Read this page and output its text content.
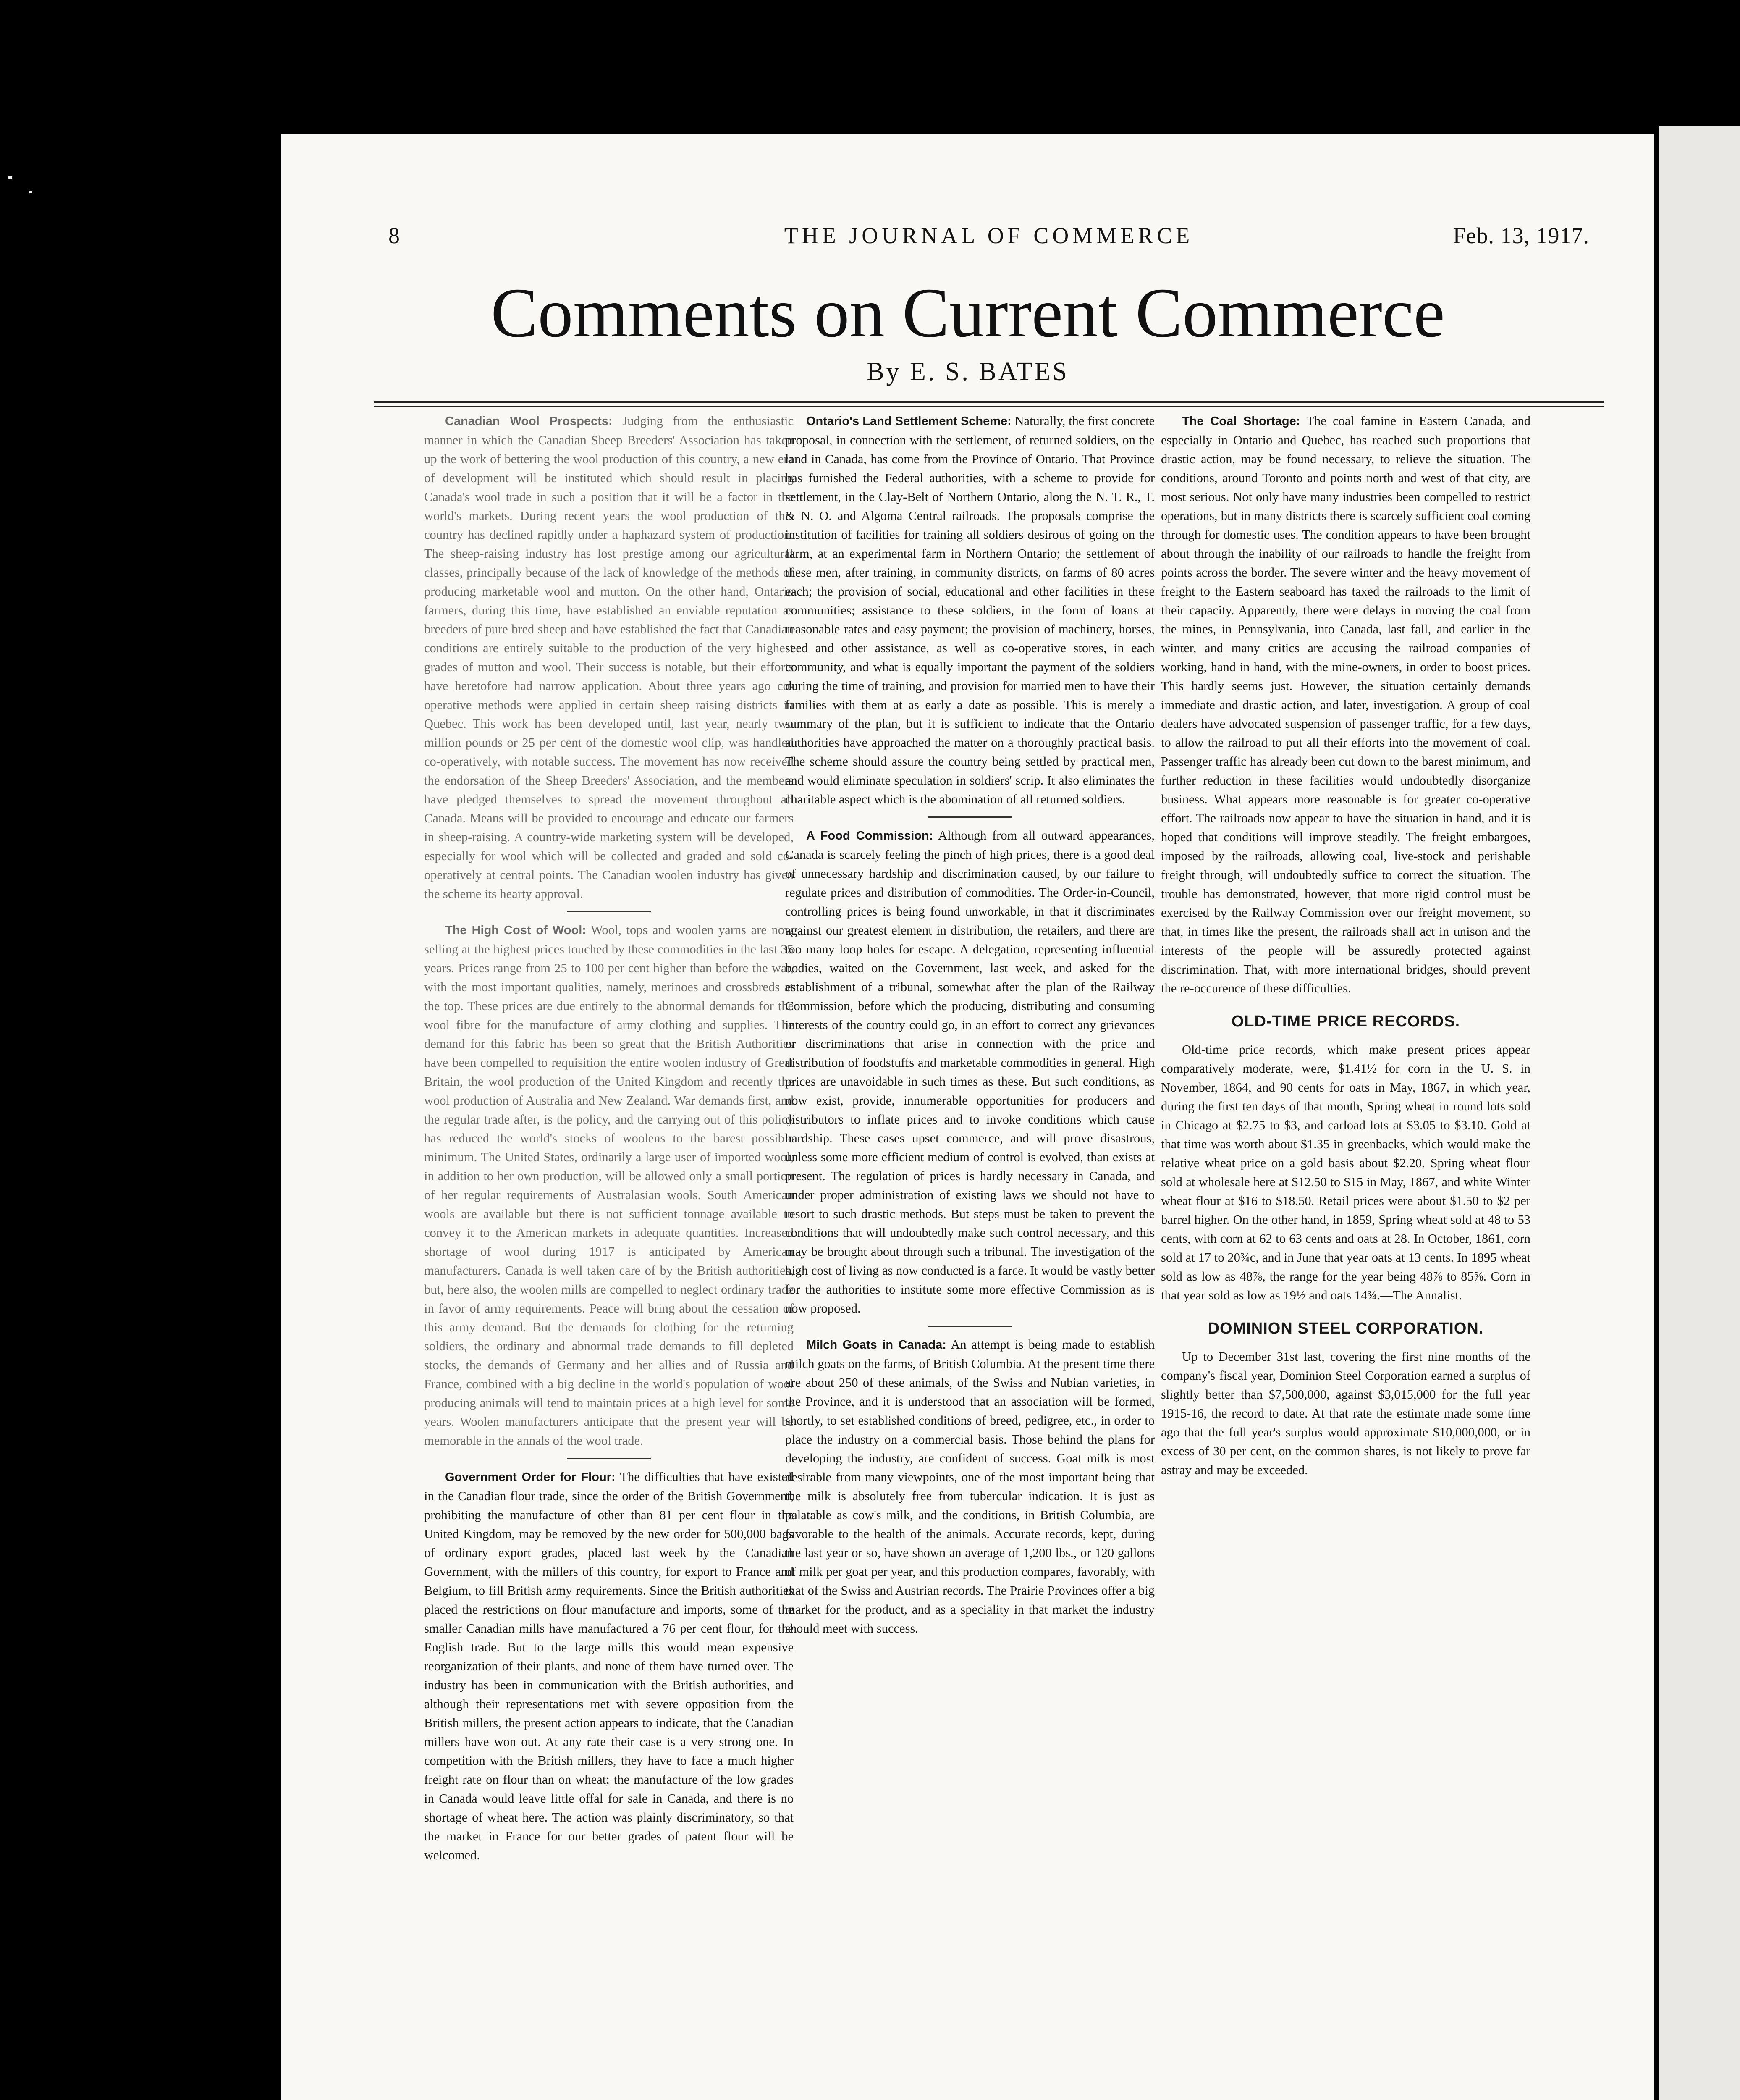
8	THE JOURNAL OF COMMERCE	Feb. 13, 1917.
Comments on Current Commerce
By E. S. BATES

Canadian Wool Prospects: Judging from the enthusiastic manner in which the Canadian Sheep Breeders' Association has taken up the work of bettering the wool production of this country, a new era of development will be instituted which should result in placing Canada's wool trade in such a position that it will be a factor in the world's markets. During recent years the wool production of this country has declined rapidly under a haphazard system of production. The sheep-raising industry has lost prestige among our agricultural classes, principally because of the lack of knowledge of the methods of producing marketable wool and mutton. On the other hand, Ontario farmers, during this time, have established an enviable reputation as breeders of pure bred sheep and have established the fact that Canadian conditions are entirely suitable to the production of the very highest grades of mutton and wool. Their success is notable, but their efforts have heretofore had narrow application. About three years ago co-operative methods were applied in certain sheep raising districts in Quebec. This work has been developed until, last year, nearly two million pounds or 25 per cent of the domestic wool clip, was handled co-operatively, with notable success. The movement has now received the endorsation of the Sheep Breeders' Association, and the members have pledged themselves to spread the movement throughout all Canada. Means will be provided to encourage and educate our farmers in sheep-raising. A country-wide marketing system will be developed, especially for wool which will be collected and graded and sold co-operatively at central points. The Canadian woolen industry has given the scheme its hearty approval.

The High Cost of Wool: Wool, tops and woolen yarns are now selling at the highest prices touched by these commodities in the last 35 years. Prices range from 25 to 100 per cent higher than before the war, with the most important qualities, namely, merinoes and crossbreds at the top. These prices are due entirely to the abnormal demands for the wool fibre for the manufacture of army clothing and supplies. The demand for this fabric has been so great that the British Authorities have been compelled to requisition the entire woolen industry of Great Britain, the wool production of the United Kingdom and recently the wool production of Australia and New Zealand. War demands first, and the regular trade after, is the policy, and the carrying out of this policy has reduced the world's stocks of woolens to the barest possible minimum. The United States, ordinarily a large user of imported wool, in addition to her own production, will be allowed only a small portion of her regular requirements of Australasian wools. South American wools are available but there is not sufficient tonnage available to convey it to the American markets in adequate quantities. Increased shortage of wool during 1917 is anticipated by American manufacturers. Canada is well taken care of by the British authorities, but, here also, the woolen mills are compelled to neglect ordinary trade in favor of army requirements. Peace will bring about the cessation of this army demand. But the demands for clothing for the returning soldiers, the ordinary and abnormal trade demands to fill depleted stocks, the demands of Germany and her allies and of Russia and France, combined with a big decline in the world's population of wool producing animals will tend to maintain prices at a high level for some years. Woolen manufacturers anticipate that the present year will be memorable in the annals of the wool trade.

Government Order for Flour: The difficulties that have existed in the Canadian flour trade, since the order of the British Government, prohibiting the manufacture of other than 81 per cent flour in the United Kingdom, may be removed by the new order for 500,000 bags of ordinary export grades, placed last week by the Canadian Government, with the millers of this country, for export to France and Belgium, to fill British army requirements. Since the British authorities placed the restrictions on flour manufacture and imports, some of the smaller Canadian mills have manufactured a 76 per cent flour, for the English trade. But to the large mills this would mean expensive reorganization of their plants, and none of them have turned over. The industry has been in communication with the British authorities, and although their representations met with severe opposition from the British millers, the present action appears to indicate, that the Canadian millers have won out. At any rate their case is a very strong one. In competition with the British millers, they have to face a much higher freight rate on flour than on wheat; the manufacture of the low grades in Canada would leave little offal for sale in Canada, and there is no shortage of wheat here. The action was plainly discriminatory, so that the market in France for our better grades of patent flour will be welcomed.

Ontario's Land Settlement Scheme: Naturally, the first concrete proposal, in connection with the settlement, of returned soldiers, on the land in Canada, has come from the Province of Ontario. That Province has furnished the Federal authorities, with a scheme to provide for settlement, in the Clay-Belt of Northern Ontario, along the N. T. R., T. & N. O. and Algoma Central railroads. The proposals comprise the institution of facilities for training all soldiers desirous of going on the farm, at an experimental farm in Northern Ontario; the settlement of these men, after training, in community districts, on farms of 80 acres each; the provision of social, educational and other facilities in these communities; assistance to these soldiers, in the form of loans at reasonable rates and easy payment; the provision of machinery, horses, seed and other assistance, as well as co-operative stores, in each community, and what is equally important the payment of the soldiers during the time of training, and provision for married men to have their families with them at as early a date as possible. This is merely a summary of the plan, but it is sufficient to indicate that the Ontario authorities have approached the matter on a thoroughly practical basis. The scheme should assure the country being settled by practical men, and would eliminate speculation in soldiers' scrip. It also eliminates the charitable aspect which is the abomination of all returned soldiers.

A Food Commission: Although from all outward appearances, Canada is scarcely feeling the pinch of high prices, there is a good deal of unnecessary hardship and discrimination caused, by our failure to regulate prices and distribution of commodities. The Order-in-Council, controlling prices is being found unworkable, in that it discriminates against our greatest element in distribution, the retailers, and there are too many loop holes for escape. A delegation, representing influential bodies, waited on the Government, last week, and asked for the establishment of a tribunal, somewhat after the plan of the Railway Commission, before which the producing, distributing and consuming interests of the country could go, in an effort to correct any grievances or discriminations that arise in connection with the price and distribution of foodstuffs and marketable commodities in general. High prices are unavoidable in such times as these. But such conditions, as now exist, provide, innumerable opportunities for producers and distributors to inflate prices and to invoke conditions which cause hardship. These cases upset commerce, and will prove disastrous, unless some more efficient medium of control is evolved, than exists at present. The regulation of prices is hardly necessary in Canada, and under proper administration of existing laws we should not have to resort to such drastic methods. But steps must be taken to prevent the conditions that will undoubtedly make such control necessary, and this may be brought about through such a tribunal. The investigation of the high cost of living as now conducted is a farce. It would be vastly better for the authorities to institute some more effective Commission as is now proposed.

Milch Goats in Canada: An attempt is being made to establish milch goats on the farms, of British Columbia. At the present time there are about 250 of these animals, of the Swiss and Nubian varieties, in the Province, and it is understood that an association will be formed, shortly, to set established conditions of breed, pedigree, etc., in order to place the industry on a commercial basis. Those behind the plans for developing the industry, are confident of success. Goat milk is most desirable from many viewpoints, one of the most important being that the milk is absolutely free from tubercular indication. It is just as palatable as cow's milk, and the conditions, in British Columbia, are favorable to the health of the animals. Accurate records, kept, during the last year or so, have shown an average of 1,200 lbs., or 120 gallons of milk per goat per year, and this production compares, favorably, with that of the Swiss and Austrian records. The Prairie Provinces offer a big market for the product, and as a speciality in that market the industry should meet with success.

The Coal Shortage: The coal famine in Eastern Canada, and especially in Ontario and Quebec, has reached such proportions that drastic action, may be found necessary, to relieve the situation. The conditions, around Toronto and points north and west of that city, are most serious. Not only have many industries been compelled to restrict operations, but in many districts there is scarcely sufficient coal coming through for domestic uses. The condition appears to have been brought about through the inability of our railroads to handle the freight from points across the border. The severe winter and the heavy movement of freight to the Eastern seaboard has taxed the railroads to the limit of their capacity. Apparently, there were delays in moving the coal from the mines, in Pennsylvania, into Canada, last fall, and earlier in the winter, and many critics are accusing the railroad companies of working, hand in hand, with the mine-owners, in order to boost prices. This hardly seems just. However, the situation certainly demands immediate and drastic action, and later, investigation. A group of coal dealers have advocated suspension of passenger traffic, for a few days, to allow the railroad to put all their efforts into the movement of coal. Passenger traffic has already been cut down to the barest minimum, and further reduction in these facilities would undoubtedly disorganize business. What appears more reasonable is for greater co-operative effort. The railroads now appear to have the situation in hand, and it is hoped that conditions will improve steadily. The freight embargoes, imposed by the railroads, allowing coal, live-stock and perishable freight through, will undoubtedly suffice to correct the situation. The trouble has demonstrated, however, that more rigid control must be exercised by the Railway Commission over our freight movement, so that, in times like the present, the railroads shall act in unison and the interests of the people will be assuredly protected against discrimination. That, with more international bridges, should prevent the re-occurence of these difficulties.

OLD-TIME PRICE RECORDS.

Old-time price records, which make present prices appear comparatively moderate, were, $1.41½ for corn in the U. S. in November, 1864, and 90 cents for oats in May, 1867, in which year, during the first ten days of that month, Spring wheat in round lots sold in Chicago at $2.75 to $3, and carload lots at $3.05 to $3.10. Gold at that time was worth about $1.35 in greenbacks, which would make the relative wheat price on a gold basis about $2.20. Spring wheat flour sold at wholesale here at $12.50 to $15 in May, 1867, and white Winter wheat flour at $16 to $18.50. Retail prices were about $1.50 to $2 per barrel higher. On the other hand, in 1859, Spring wheat sold at 48 to 53 cents, with corn at 62 to 63 cents and oats at 28. In October, 1861, corn sold at 17 to 20¾c, and in June that year oats at 13 cents. In 1895 wheat sold as low as 48⅞, the range for the year being 48⅞ to 85⅝. Corn in that year sold as low as 19½ and oats 14¾.—The Annalist.

DOMINION STEEL CORPORATION.

Up to December 31st last, covering the first nine months of the company's fiscal year, Dominion Steel Corporation earned a surplus of slightly better than $7,500,000, against $3,015,000 for the full year 1915-16, the record to date. At that rate the estimate made some time ago that the full year's surplus would approximate $10,000,000, or in excess of 30 per cent, on the common shares, is not likely to prove far astray and may be exceeded.
